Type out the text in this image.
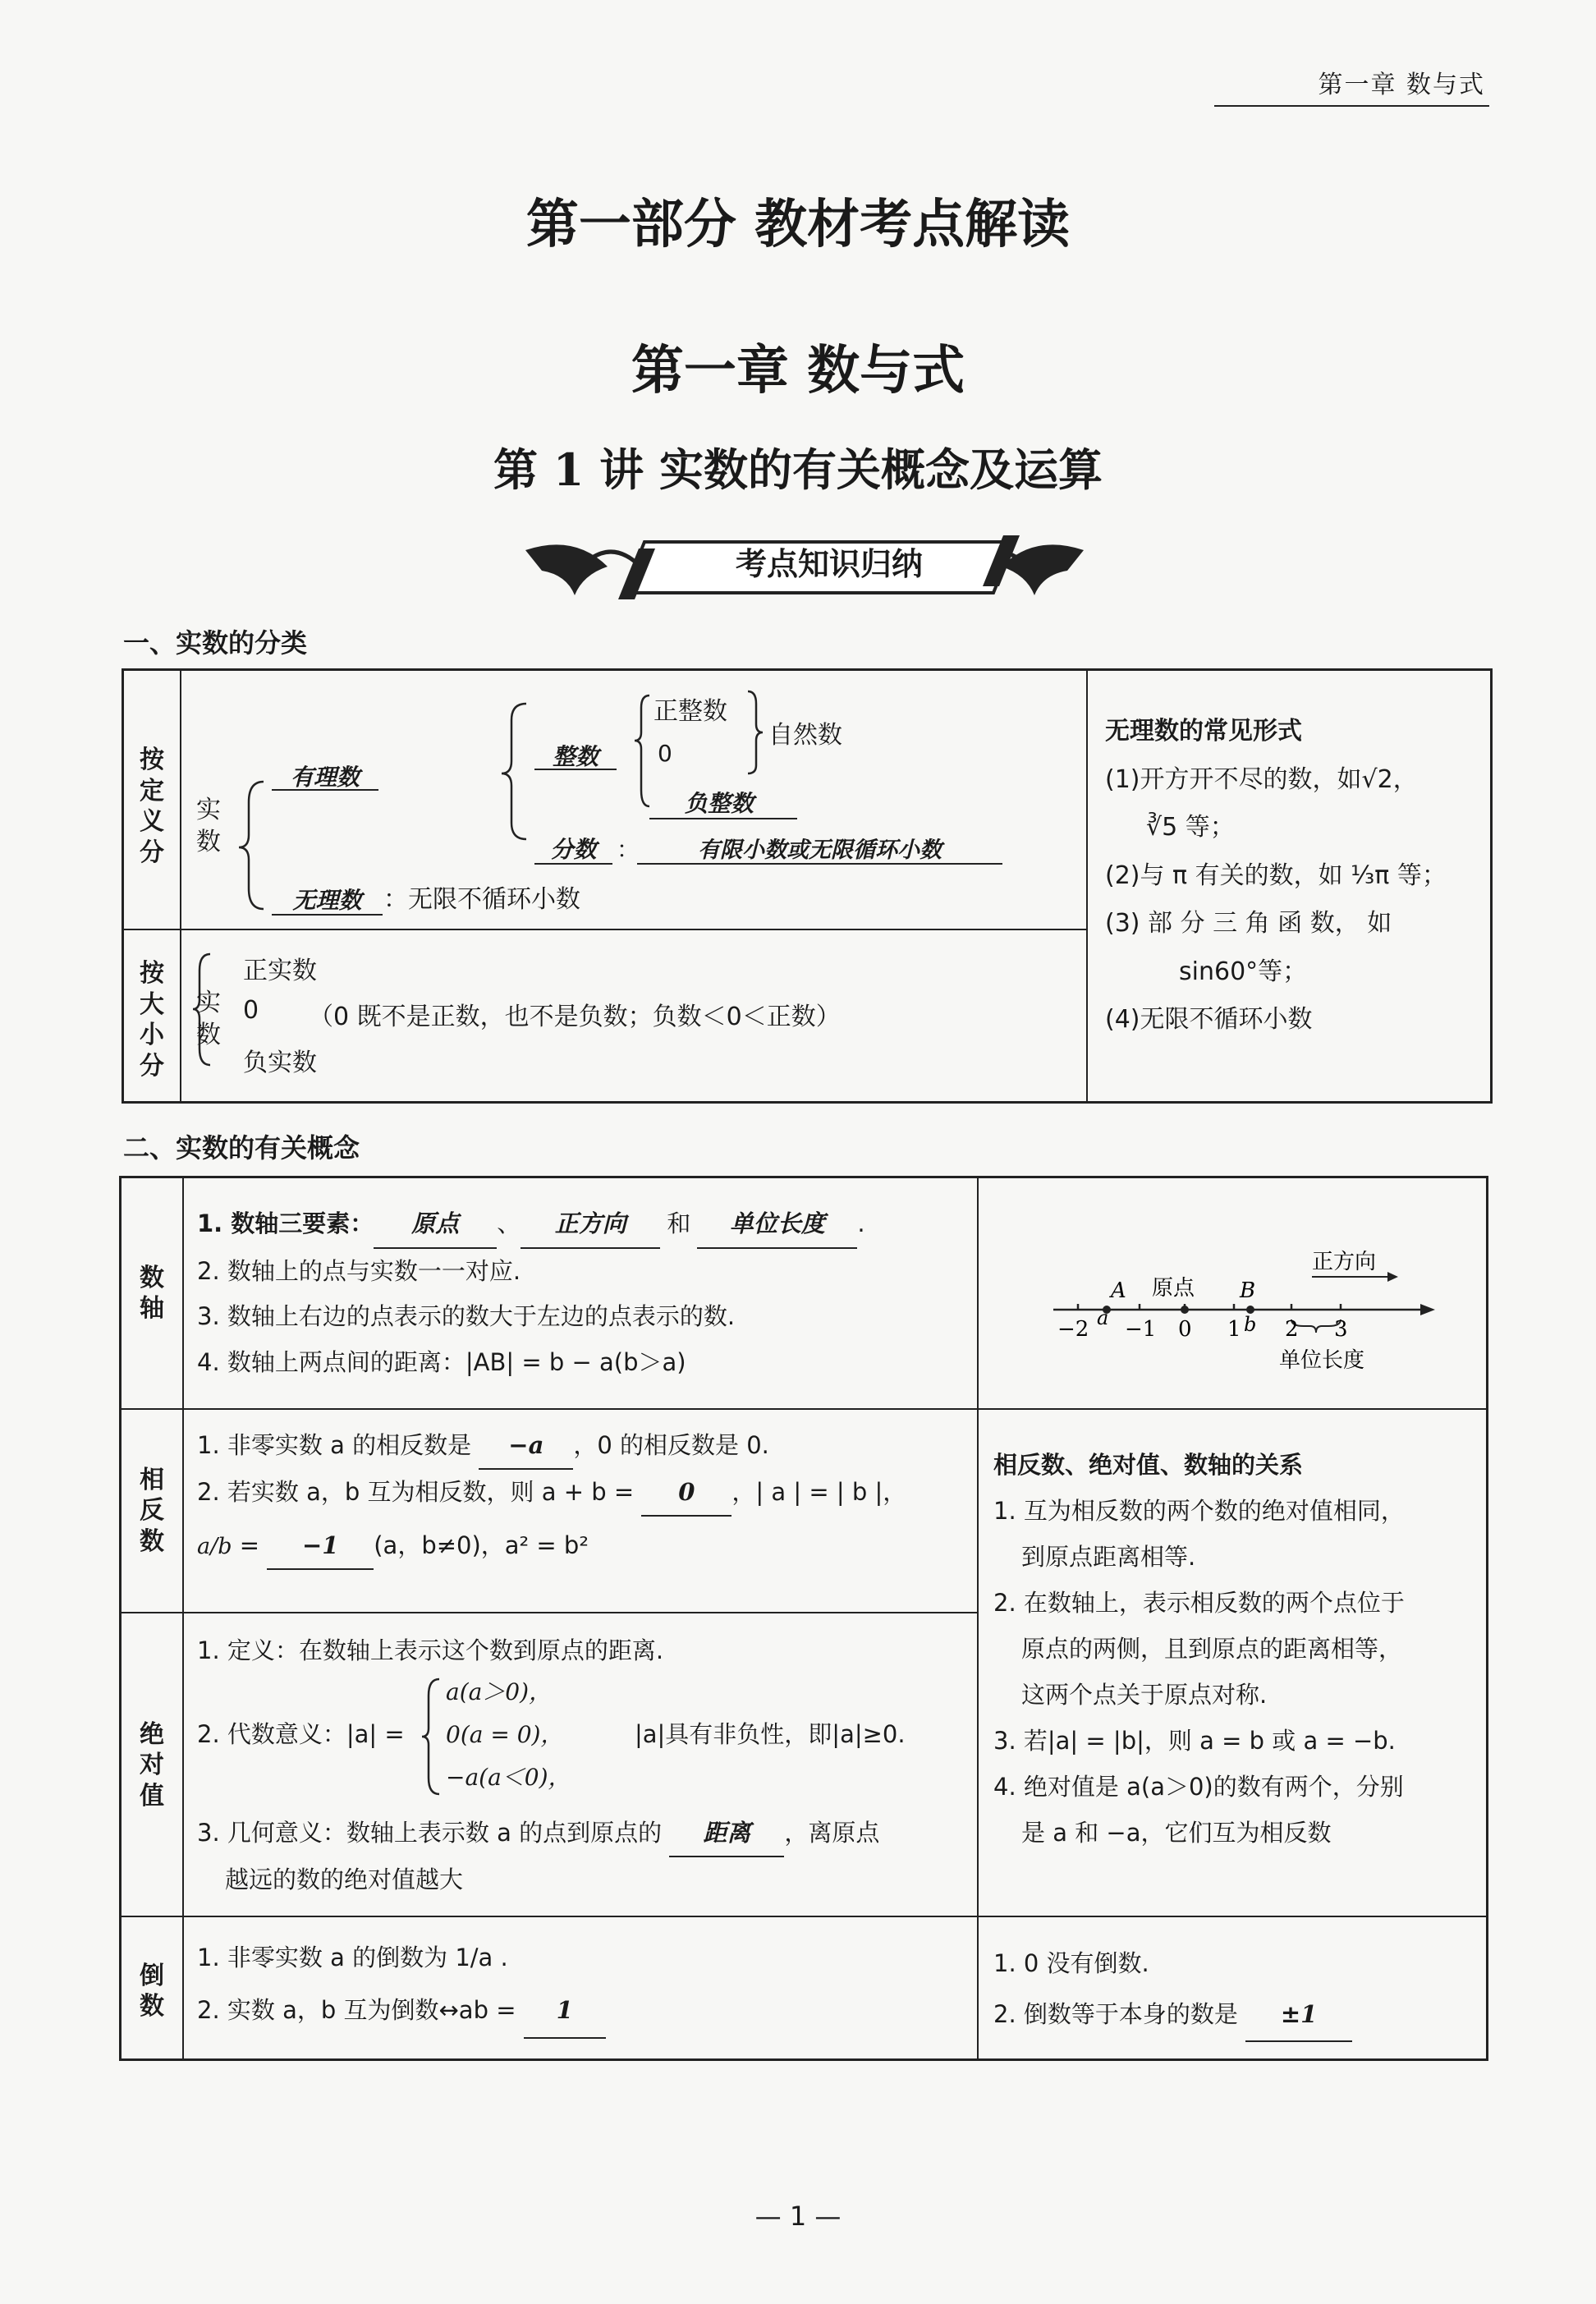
第一章 数与式
第一部分 教材考点解读
第一章 数与式
第 1 讲 实数的有关概念及运算
考点知识归纳
一、实数的分类
按
定
义
分
按
大
小
分
实数
有理数
整数
正整数
0
自然数
负整数
分数 ：	有限小数或无限循环小数
无理数 ：无限不循环小数
实数
正实数
0 （0 既不是正数，也不是负数；负数＜0＜正数）
负实数
无理数的常见形式
(1)开方开不尽的数，如√2，
∛5 等；
(2)与 π 有关的数，如 ⅓π 等；
(3) 部 分 三 角 函 数， 如
sin60°等；
(4)无限不循环小数
二、实数的有关概念
数
轴
相
反
数
绝
对
值
倒
数
1. 数轴三要素： 原点 、 正方向 和 单位长度 .
2. 数轴上的点与实数一一对应.
3. 数轴上右边的点表示的数大于左边的点表示的数.
4. 数轴上两点间的距离：|AB| = b − a(b＞a)
A 原点 B
正方向
−2 a −1 0 1 b 2 3
单位长度
1. 非零实数 a 的相反数是 −a ，0 的相反数是 0.
2. 若实数 a，b 互为相反数，则 a + b = 0 ，| a | = | b |，
a/b = −1 (a，b≠0)，a² = b²
相反数、绝对值、数轴的关系
1. 互为相反数的两个数的绝对值相同，
到原点距离相等.
2. 在数轴上，表示相反数的两个点位于
原点的两侧，且到原点的距离相等，
这两个点关于原点对称.
3. 若|a| = |b|，则 a = b 或 a = −b.
4. 绝对值是 a(a＞0)的数有两个，分别
是 a 和 −a，它们互为相反数
1. 定义：在数轴上表示这个数到原点的距离.
2. 代数意义：|a| =
a(a＞0)，
0(a = 0)，
−a(a＜0)，
|a|具有非负性，即|a|≥0.
3. 几何意义：数轴上表示数 a 的点到原点的 距离 ，离原点
越远的数的绝对值越大
1. 非零实数 a 的倒数为 1/a .
2. 实数 a，b 互为倒数↔ab = 1
1. 0 没有倒数.
2. 倒数等于本身的数是 ±1
— 1 —
